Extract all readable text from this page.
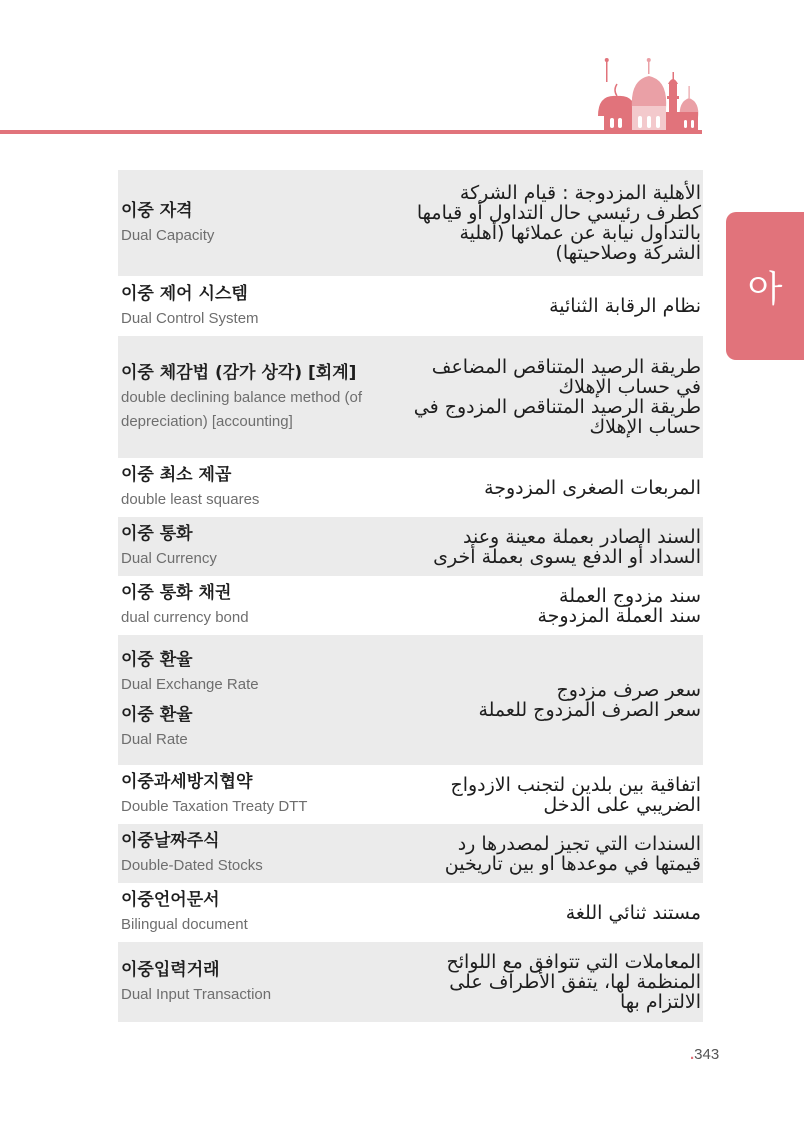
아
이중 자격
Dual Capacity
الأهلية المزدوجة : قيام الشركة
كطرف رئيسي حال التداول أو قيامها
بالتداول نيابة عن عملائها (أهلية
الشركة وصلاحيتها)
이중 제어 시스템
Dual Control System
نظام الرقابة الثنائية
이중 체감법 (감가 상각) [회계]
double declining balance method (of depreciation) [accounting]
طريقة الرصيد المتناقص المضاعف
في حساب الإهلاك
طريقة الرصيد المتناقص المزدوج في
حساب الإهلاك
이중 최소 제곱
double least squares
المربعات الصغرى المزدوجة
이중 통화
Dual Currency
السند الصادر بعملة معينة وعند
السداد أو الدفع يسوى بعملة أخرى
이중 통화 채권
dual currency bond
سند مزدوج العملة
سند العملة المزدوجة
이중 환율
Dual Exchange Rate
이중 환율
Dual Rate
سعر صرف مزدوج
سعر الصرف المزدوج للعملة
이중과세방지협약
Double Taxation Treaty DTT
اتفاقية بين بلدين لتجنب الازدواج
الضريبي على الدخل
이중날짜주식
Double-Dated Stocks
السندات التي تجيز لمصدرها رد
قيمتها في موعدها او بين تاريخين
이중언어문서
Bilingual document
مستند ثنائي اللغة
이중입력거래
Dual Input Transaction
المعاملات التي تتوافق مع اللوائح
المنظمة لها، يتفق الأطراف على
الالتزام بها
.343
